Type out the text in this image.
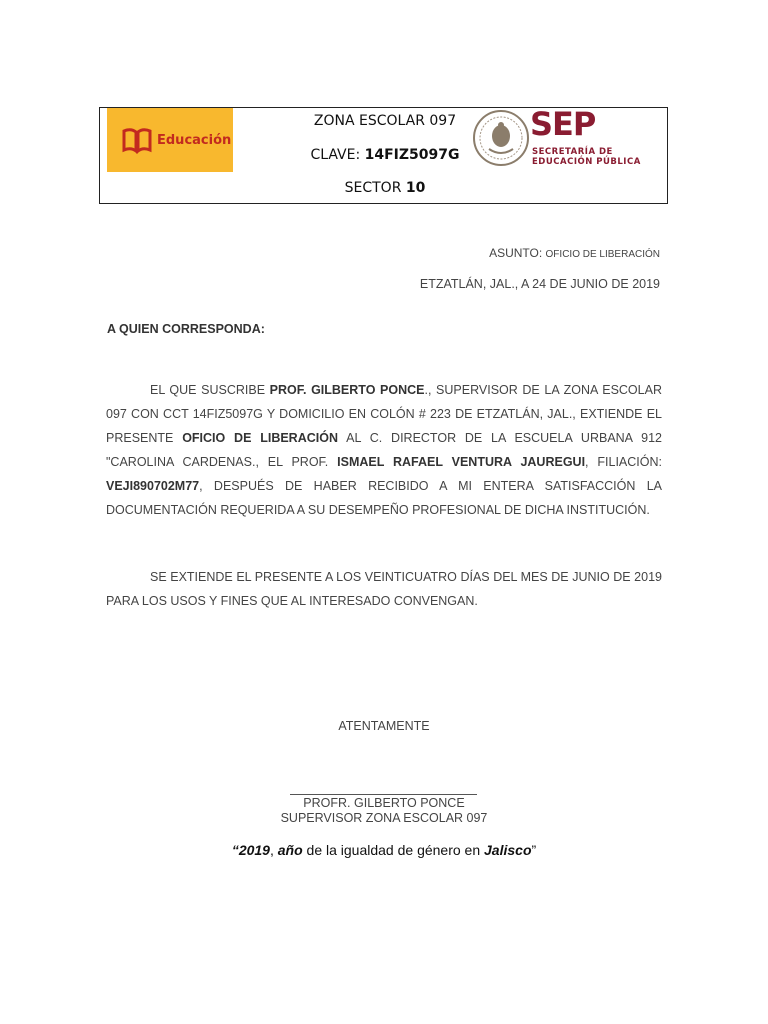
Educación
ZONA ESCOLAR 097
CLAVE: 14FIZ5097G
SECTOR 10
SEP
SECRETARÍA DE
EDUCACIÓN PÚBLICA
ASUNTO: OFICIO DE LIBERACIÓN
ETZATLÁN, JAL., A 24 DE JUNIO DE 2019
A QUIEN CORRESPONDA:
EL QUE SUSCRIBE PROF. GILBERTO PONCE., SUPERVISOR DE LA ZONA ESCOLAR 097 CON CCT 14FIZ5097G Y DOMICILIO EN COLÓN # 223 DE ETZATLÁN, JAL., EXTIENDE EL PRESENTE OFICIO DE LIBERACIÓN AL C. DIRECTOR DE LA ESCUELA URBANA 912 "CAROLINA CARDENAS., EL PROF. ISMAEL RAFAEL VENTURA JAUREGUI, FILIACIÓN: VEJI890702M77, DESPUÉS DE HABER RECIBIDO A MI ENTERA SATISFACCIÓN LA DOCUMENTACIÓN REQUERIDA A SU DESEMPEÑO PROFESIONAL DE DICHA INSTITUCIÓN.
SE EXTIENDE EL PRESENTE A LOS VEINTICUATRO DÍAS DEL MES DE JUNIO DE 2019 PARA LOS USOS Y FINES QUE AL INTERESADO CONVENGAN.
ATENTAMENTE
PROFR. GILBERTO PONCE
SUPERVISOR ZONA ESCOLAR 097
“2019, año de la igualdad de género en Jalisco”
